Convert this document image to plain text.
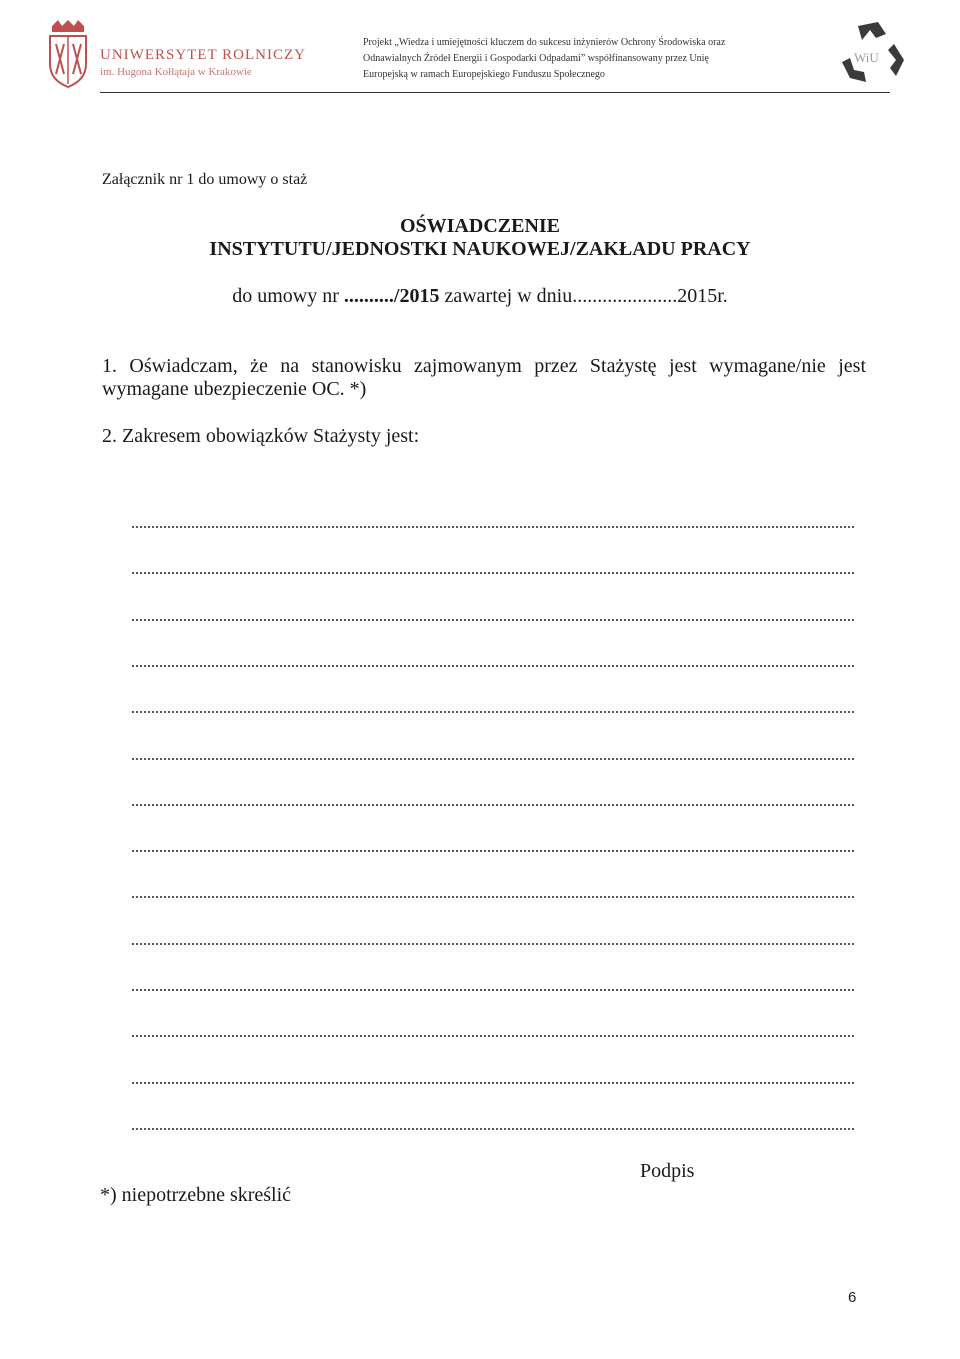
UNIWERSYTET ROLNICZY
im. Hugona Kołłątaja w Krakowie
Projekt „Wiedza i umiejętności kluczem do sukcesu inżynierów Ochrony Środowiska oraz
Odnawialnych Źródeł Energii i Gospodarki Odpadami” współfinansowany przez Unię
Europejską w ramach Europejskiego Funduszu Społecznego
WiU
Załącznik nr 1 do umowy o staż
OŚWIADCZENIE
INSTYTUTU/JEDNOSTKI NAUKOWEJ/ZAKŁADU PRACY
do umowy nr ........../2015 zawartej w dniu.....................2015r.
1. Oświadczam, że na stanowisku zajmowanym przez Stażystę jest wymagane/nie jest wymagane ubezpieczenie OC. *)
2. Zakresem obowiązków Stażysty jest:
Podpis
*) niepotrzebne skreślić
6
